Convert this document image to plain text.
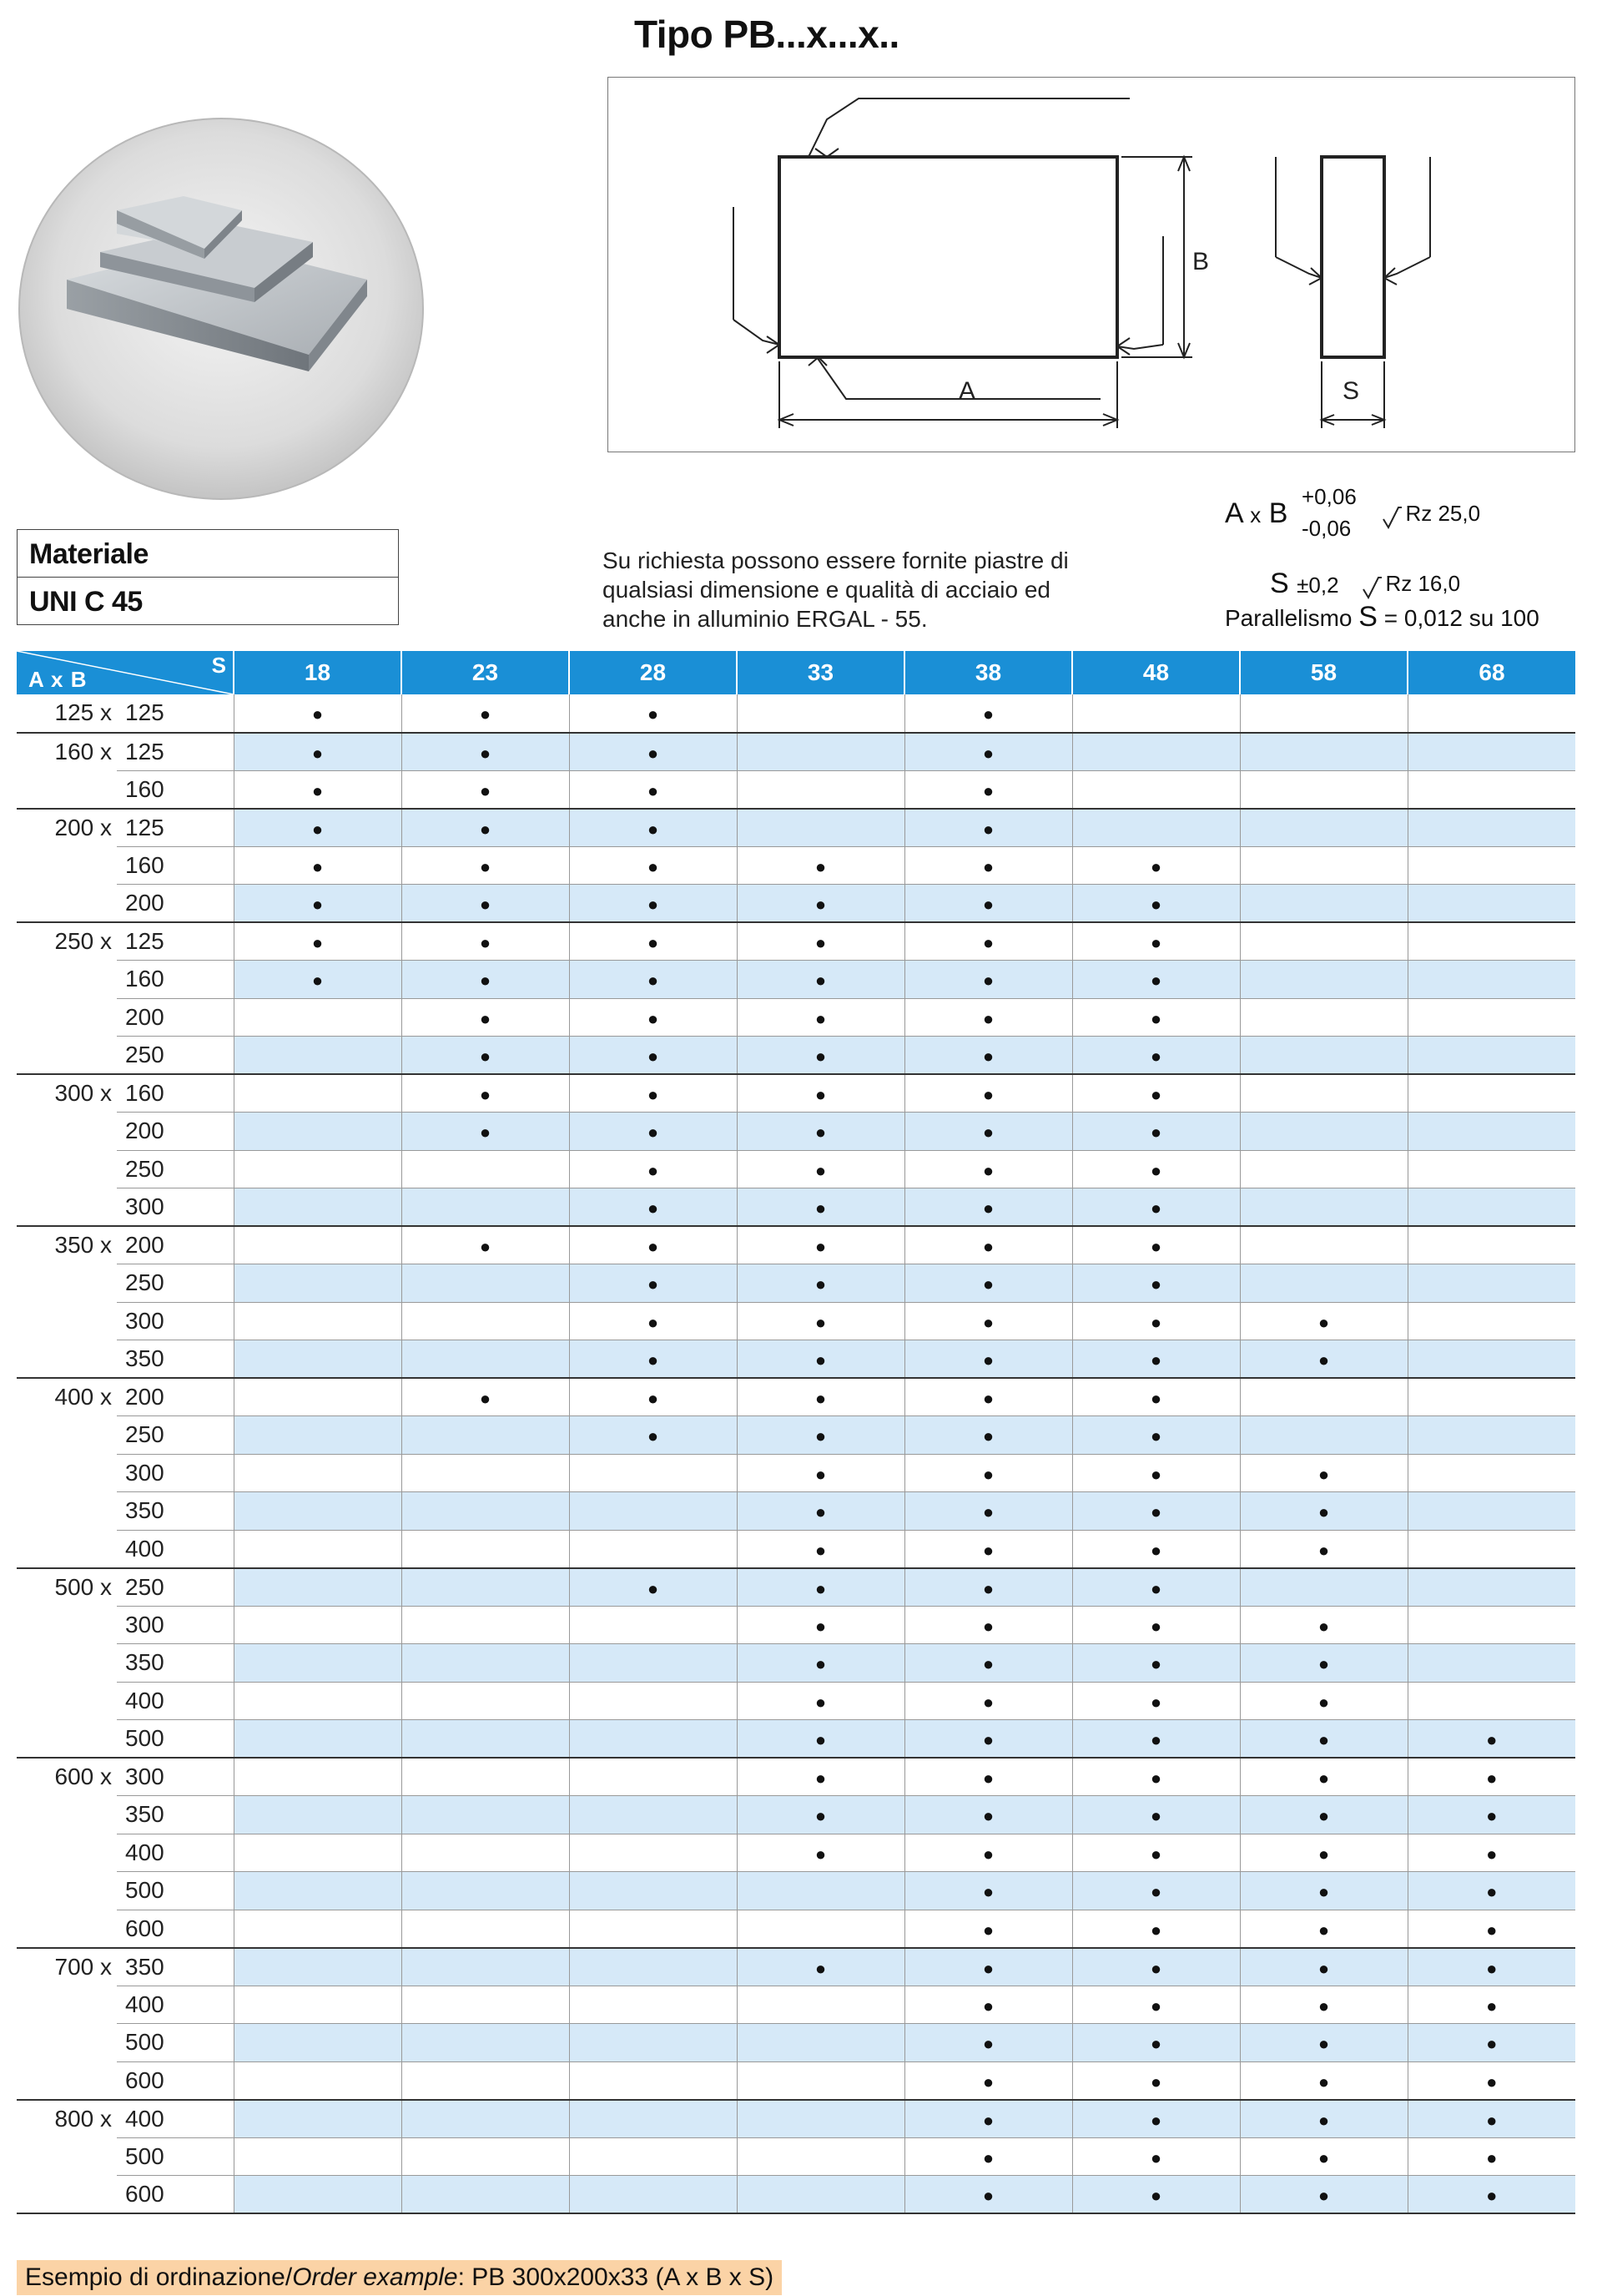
Tipo PB...x...x..
B
A	S
A x B
+0,06
-0,06
Rz 25,0
S ±0,2	Rz 16,0
Parallelismo S = 0,012 su 100
Materiale
UNI C 45
Su richiesta possono essere fornite piastre di qualsiasi dimensione e qualità di acciaio ed anche in alluminio ERGAL - 55.
S
A x B		18	23	28	33	38	48	58	68
125 x	125	●	●	●		●			
160 x	125	●	●	●		●			
	160	●	●	●		●			
200 x	125	●	●	●		●			
	160	●	●	●	●	●	●		
	200	●	●	●	●	●	●		
250 x	125	●	●	●	●	●	●		
	160	●	●	●	●	●	●		
	200		●	●	●	●	●		
	250		●	●	●	●	●		
300 x	160		●	●	●	●	●		
	200		●	●	●	●	●		
	250			●	●	●	●		
	300			●	●	●	●		
350 x	200		●	●	●	●	●		
	250			●	●	●	●		
	300			●	●	●	●	●	
	350			●	●	●	●	●	
400 x	200		●	●	●	●	●		
	250			●	●	●	●		
	300				●	●	●	●	
	350				●	●	●	●	
	400				●	●	●	●	
500 x	250			●	●	●	●		
	300				●	●	●	●	
	350				●	●	●	●	
	400				●	●	●	●	
	500				●	●	●	●	●
600 x	300				●	●	●	●	●
	350				●	●	●	●	●
	400				●	●	●	●	●
	500					●	●	●	●
	600					●	●	●	●
700 x	350				●	●	●	●	●
	400					●	●	●	●
	500					●	●	●	●
	600					●	●	●	●
800 x	400					●	●	●	●
	500					●	●	●	●
	600					●	●	●	●
Esempio di ordinazione/Order example: PB 300x200x33 (A x B x S)
